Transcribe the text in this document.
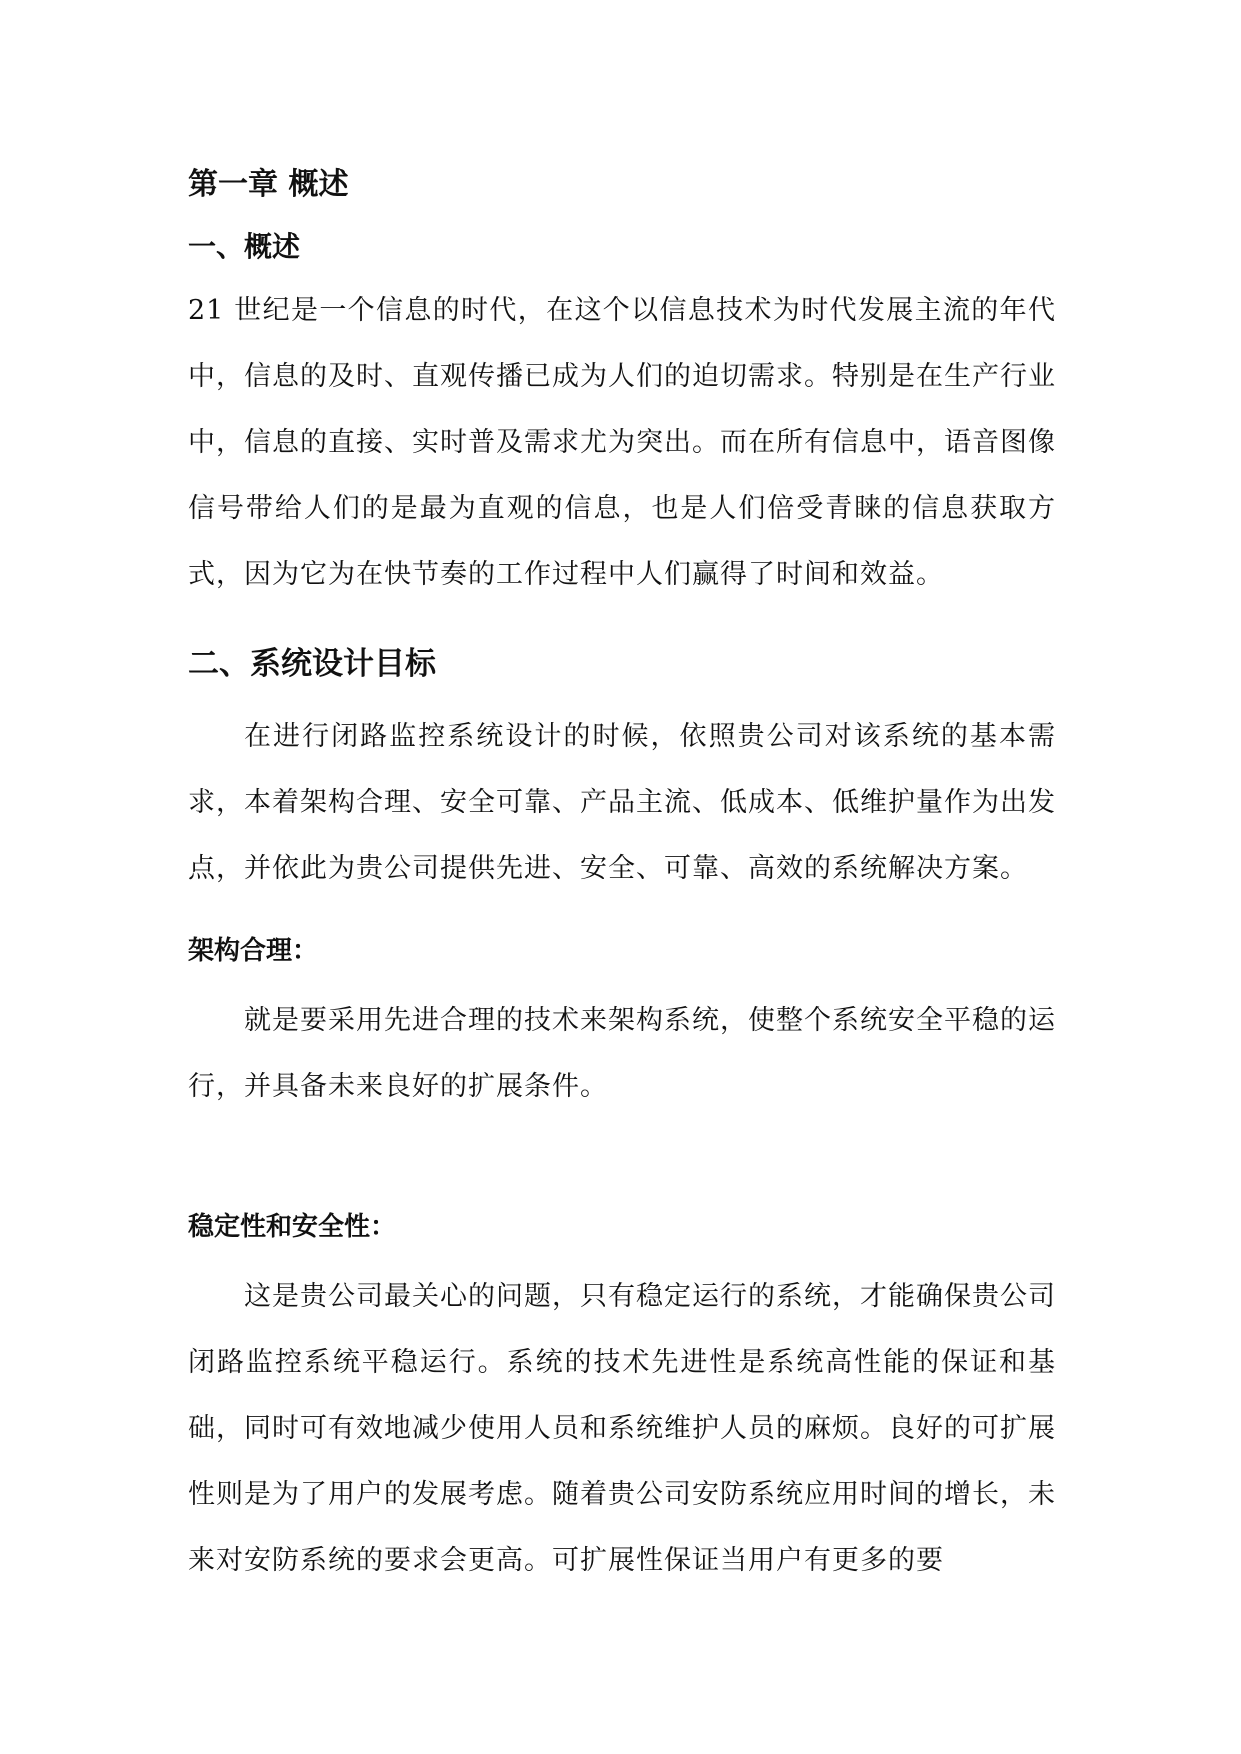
第一章 概述
一、概述

21 世纪是一个信息的时代，在这个以信息技术为时代发展主流的年代中，信息的及时、直观传播已成为人们的迫切需求。特别是在生产行业中，信息的直接、实时普及需求尤为突出。而在所有信息中，语音图像信号带给人们的是最为直观的信息，也是人们倍受青睐的信息获取方式，因为它为在快节奏的工作过程中人们赢得了时间和效益。

二、系统设计目标

在进行闭路监控系统设计的时候，依照贵公司对该系统的基本需求，本着架构合理、安全可靠、产品主流、低成本、低维护量作为出发点，并依此为贵公司提供先进、安全、可靠、高效的系统解决方案。

架构合理：

就是要采用先进合理的技术来架构系统，使整个系统安全平稳的运行，并具备未来良好的扩展条件。

稳定性和安全性：

这是贵公司最关心的问题，只有稳定运行的系统，才能确保贵公司闭路监控系统平稳运行。系统的技术先进性是系统高性能的保证和基础，同时可有效地减少使用人员和系统维护人员的麻烦。良好的可扩展性则是为了用户的发展考虑。随着贵公司安防系统应用时间的增长，未来对安防系统的要求会更高。可扩展性保证当用户有更多的要
